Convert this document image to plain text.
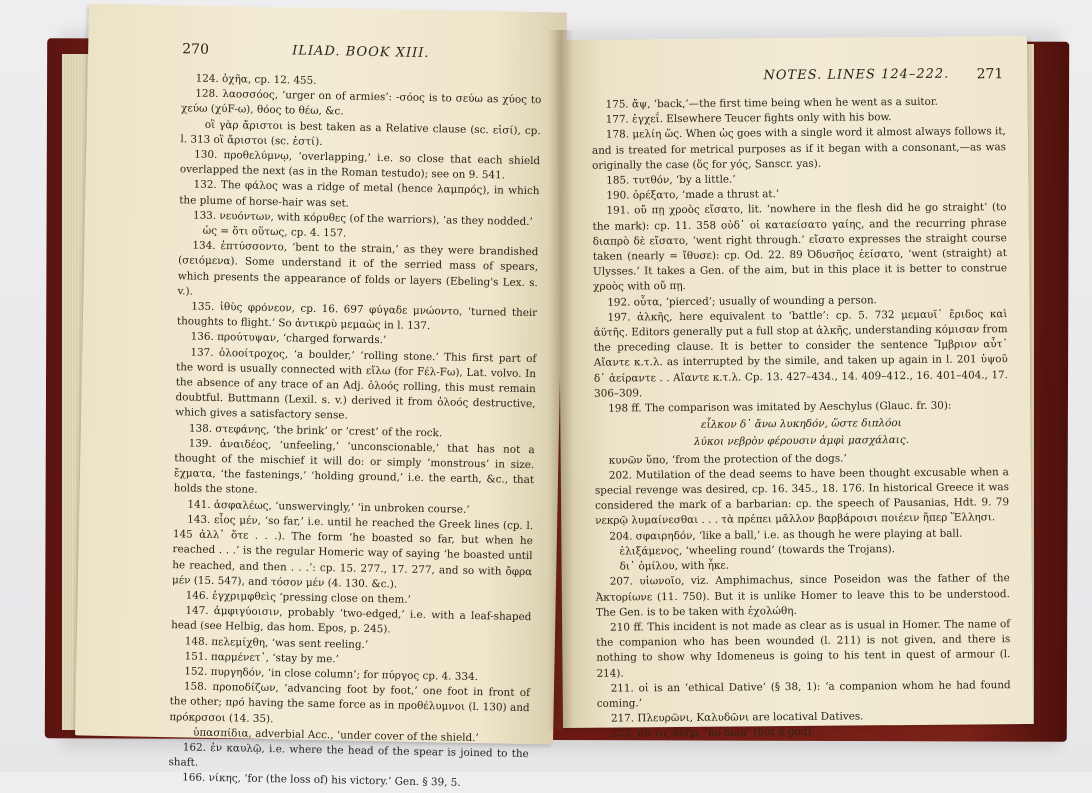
270	ILIAD. BOOK XIII.

124. ὀχῆα, cp. 12. 455.

128. λαοσσόος, ‘urger on of armies’: -σόος is to σεύω as χύος to χεύω (χύF-ω), θόος to θέω, &c.

οἳ γὰρ ἄριστοι is best taken as a Relative clause (sc. εἰσί), cp. l. 313 οἳ ἄριστοι (sc. ἐστί).

130. προθελύμνῳ, ‘overlapping,’ i.e. so close that each shield overlapped the next (as in the Roman testudo); see on 9. 541.

132. The φάλος was a ridge of metal (hence λαμπρός), in which the plume of horse-hair was set.

133. νευόντων, with κόρυθες (of the warriors), ‘as they nodded.’

ὡς = ὅτι οὕτως, cp. 4. 157.

134. ἐπτύσσοντο, ‘bent to the strain,’ as they were brandished (σειόμενα). Some understand it of the serried mass of spears, which presents the appearance of folds or layers (Ebeling's Lex. s. v.).

135. ἰθὺς φρόνεον, cp. 16. 697 φύγαδε μνώοντο, ‘turned their thoughts to flight.’ So ἀντικρὺ μεμαὼς in l. 137.

136. προύτυψαν, ‘charged forwards.’

137. ὀλοοίτροχος, ‘a boulder,’ ‘rolling stone.’ This first part of the word is usually connected with εἴλω (for Fέλ-Fω), Lat. volvo. In the absence of any trace of an Adj. ὀλοός rolling, this must remain doubtful. Buttmann (Lexil. s. v.) derived it from ὀλοός destructive, which gives a satisfactory sense.

138. στεφάνης, ‘the brink’ or ‘crest’ of the rock.

139. ἀναιδέος, ‘unfeeling,’ ‘unconscionable,’ that has not a thought of the mischief it will do: or simply ‘monstrous’ in size. ἔχματα, ‘the fastenings,’ ‘holding ground,’ i.e. the earth, &c., that holds the stone.

141. ἀσφαλέως, ‘unswervingly,’ ‘in unbroken course.’

143. εἷος μέν, ‘so far,’ i.e. until he reached the Greek lines (cp. l. 145 ἀλλ᾽ ὅτε . . .). The form ‘he boasted so far, but when he reached . . .’ is the regular Homeric way of saying ‘he boasted until he reached, and then . . .’: cp. 15. 277., 17. 277, and so with ὄφρα μέν (15. 547), and τόσον μέν (4. 130. &c.).

146. ἐγχριμφθεὶς ‘pressing close on them.’

147. ἀμφιγύοισιν, probably ‘two-edged,’ i.e. with a leaf-shaped head (see Helbig, das hom. Epos, p. 245).

148. πελεμίχθη, ‘was sent reeling.’

151. παρμένετ᾽, ‘stay by me.’

152. πυργηδόν, ‘in close column’; for πύργος cp. 4. 334.

158. προποδίζων, ‘advancing foot by foot,’ one foot in front of the other; πρό having the same force as in προθέλυμνοι (l. 130) and πρόκρσσοι (14. 35).

ὑπασπίδια, adverbial Acc., ‘under cover of the shield.’

162. ἐν καυλῷ, i.e. where the head of the spear is joined to the shaft.

166. νίκης, ‘for (the loss of) his victory.’ Gen. § 39, 5.

NOTES. LINES 124–222. 271

175. ἄψ, ‘back,’—the first time being when he went as a suitor.

177. ἐγχεΐ. Elsewhere Teucer fights only with his bow.

178. μελίη ὥς. When ὡς goes with a single word it almost always follows it, and is treated for metrical purposes as if it began with a consonant,—as was originally the case (ὅς for yός, Sanscr. yas).

185. τυτθόν, ‘by a little.’

190. ὀρέξατο, ‘made a thrust at.’

191. οὔ πῃ χροὸς εἴσατο, lit. ‘nowhere in the flesh did he go straight’ (to the mark): cp. 11. 358 οὐδ᾽ οἱ καταείσατο γαίης, and the recurring phrase διαπρὸ δὲ εἴσατο, ‘went right through.’ εἴσατο expresses the straight course taken (nearly = ἴθυσε): cp. Od. 22. 89 Ὀδυσῆος ἐείσατο, ‘went (straight) at Ulysses.’ It takes a Gen. of the aim, but in this place it is better to construe χροὸς with οὔ πῃ.

192. οὖτα, ‘pierced’; usually of wounding a person.

197. ἀλκῆς, here equivalent to ‘battle’: cp. 5. 732 μεμαυῖ᾽ ἔριδος καὶ ἀϋτῆς. Editors generally put a full stop at ἀλκῆς, understanding κόμισαν from the preceding clause. It is better to consider the sentence Ἴμβριον αὖτ᾽ Αἴαντε κ.τ.λ. as interrupted by the simile, and taken up again in l. 201 ὑψοῦ δ᾽ ἀείραντε . . Αἴαντε κ.τ.λ. Cp. 13. 427–434., 14. 409–412., 16. 401–404., 17. 306–309.

198 ff. The comparison was imitated by Aeschylus (Glauc. fr. 30):

εἷλκον δ᾽ ἄνω λυκηδόν, ὥστε διπλόοι

λύκοι νεβρὸν φέρουσιν ἀμφὶ μασχάλαις.

κυνῶν ὕπο, ‘from the protection of the dogs.’

202. Mutilation of the dead seems to have been thought excusable when a special revenge was desired, cp. 16. 345., 18. 176. In historical Greece it was considered the mark of a barbarian: cp. the speech of Pausanias, Hdt. 9. 79 νεκρῷ λυμαίνεσθαι . . . τὰ πρέπει μᾶλλον βαρβάροισι ποιέειν ἤπερ Ἕλλησι.

204. σφαιρηδόν, ‘like a ball,’ i.e. as though he were playing at ball.

ἑλιξάμενος, ‘wheeling round’ (towards the Trojans).

δι᾽ ὁμίλου, with ἧκε.

207. υἱωνοῖο, viz. Amphimachus, since Poseidon was the father of the Ἀκτορίωνε (11. 750). But it is unlike Homer to leave this to be understood. The Gen. is to be taken with ἐχολώθη.

210 ff. This incident is not made as clear as is usual in Homer. The name of the companion who has been wounded (l. 211) is not given, and there is nothing to show why Idomeneus is going to his tent in quest of armour (l. 214).

211. οἱ is an ‘ethical Dative’ (§ 38, 1): ‘a companion whom he had found coming.’

217. Πλευρῶνι, Καλυδῶνι are locatival Datives.

222. οὔ τις ἀνήρ, ‘no man’ (but a god).
